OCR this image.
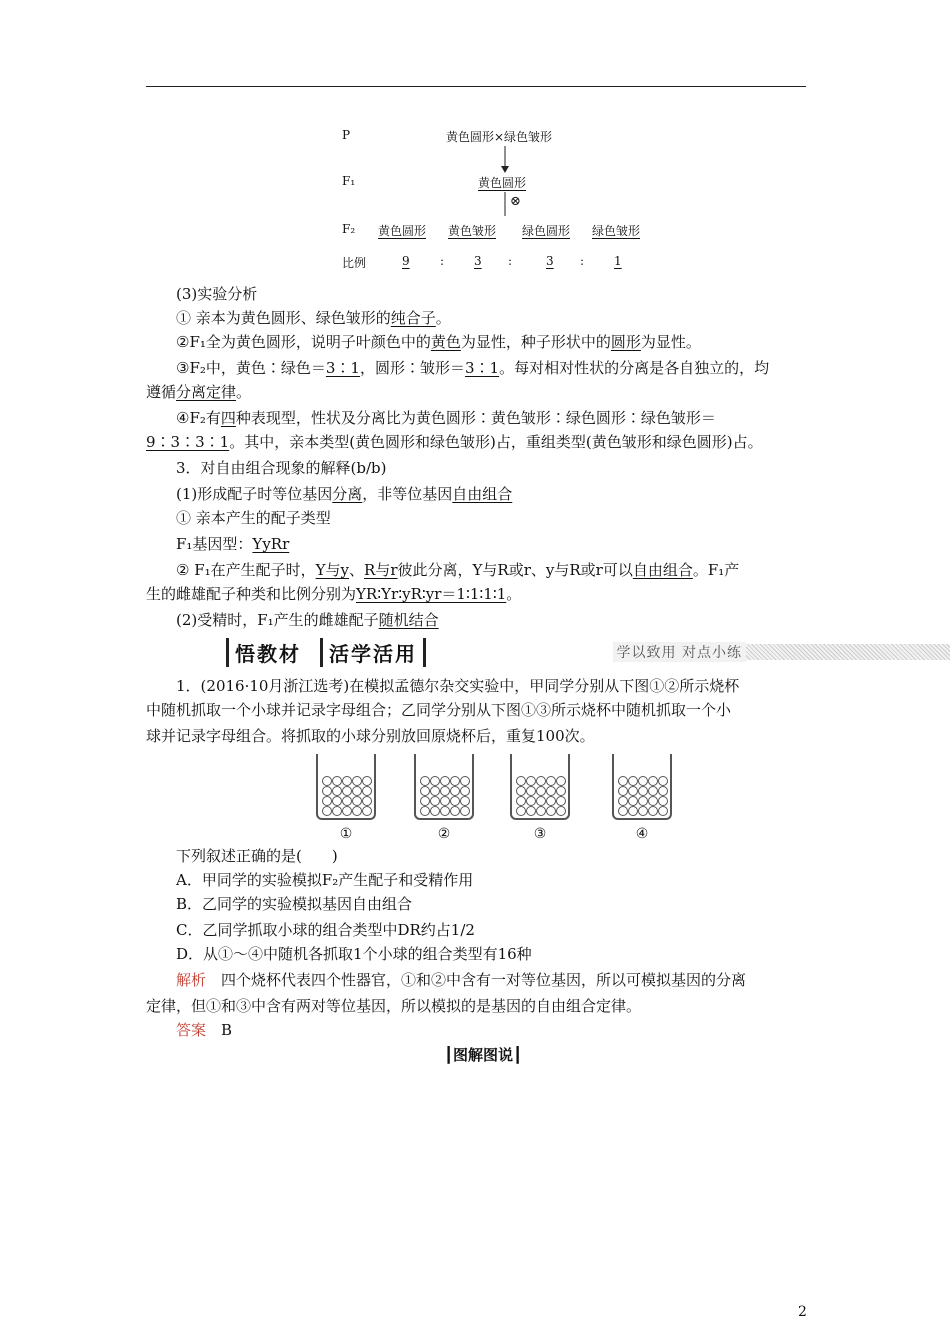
P	黄色圆形×绿色皱形
F₁	黄色圆形
⊗
F₂ 黄色圆形 黄色皱形 绿色圆形 绿色皱形
比例	9	: 3 :	3 : 1
(3)实验分析
① 亲本为黄色圆形、绿色皱形的纯合子。
②F₁全为黄色圆形，说明子叶颜色中的黄色为显性，种子形状中的圆形为显性。
③F₂中，黄色∶绿色＝3∶1，圆形∶皱形＝3∶1。每对相对性状的分离是各自独立的，均
遵循分离定律。
④F₂有四种表现型，性状及分离比为黄色圆形∶黄色皱形∶绿色圆形∶绿色皱形＝
9∶3∶3∶1。其中，亲本类型(黄色圆形和绿色皱形)占，重组类型(黄色皱形和绿色圆形)占。
3．对自由组合现象的解释(b/b)
(1)形成配子时等位基因分离，非等位基因自由组合
① 亲本产生的配子类型
F₁基因型：YyRr
② F₁在产生配子时，Y与y、R与r彼此分离，Y与R或r、y与R或r可以自由组合。F₁产
生的雌雄配子种类和比例分别为YR∶Yr∶yR∶yr＝1∶1∶1∶1。
(2)受精时，F₁产生的雌雄配子随机结合
悟教材	活学活用	学以致用 对点小练
1．(2016·10月浙江选考)在模拟孟德尔杂交实验中，甲同学分别从下图①②所示烧杯
中随机抓取一个小球并记录字母组合；乙同学分别从下图①③所示烧杯中随机抓取一个小
球并记录字母组合。将抓取的小球分别放回原烧杯后，重复100次。
①	②	③	④
下列叙述正确的是(　　)
A．甲同学的实验模拟F₂产生配子和受精作用
B．乙同学的实验模拟基因自由组合
C．乙同学抓取小球的组合类型中DR约占1/2
D．从①～④中随机各抓取1个小球的组合类型有16种
解析　四个烧杯代表四个性器官，①和②中含有一对等位基因，所以可模拟基因的分离
定律，但①和③中含有两对等位基因，所以模拟的是基因的自由组合定律。
答案　B
┃图解图说┃
2
